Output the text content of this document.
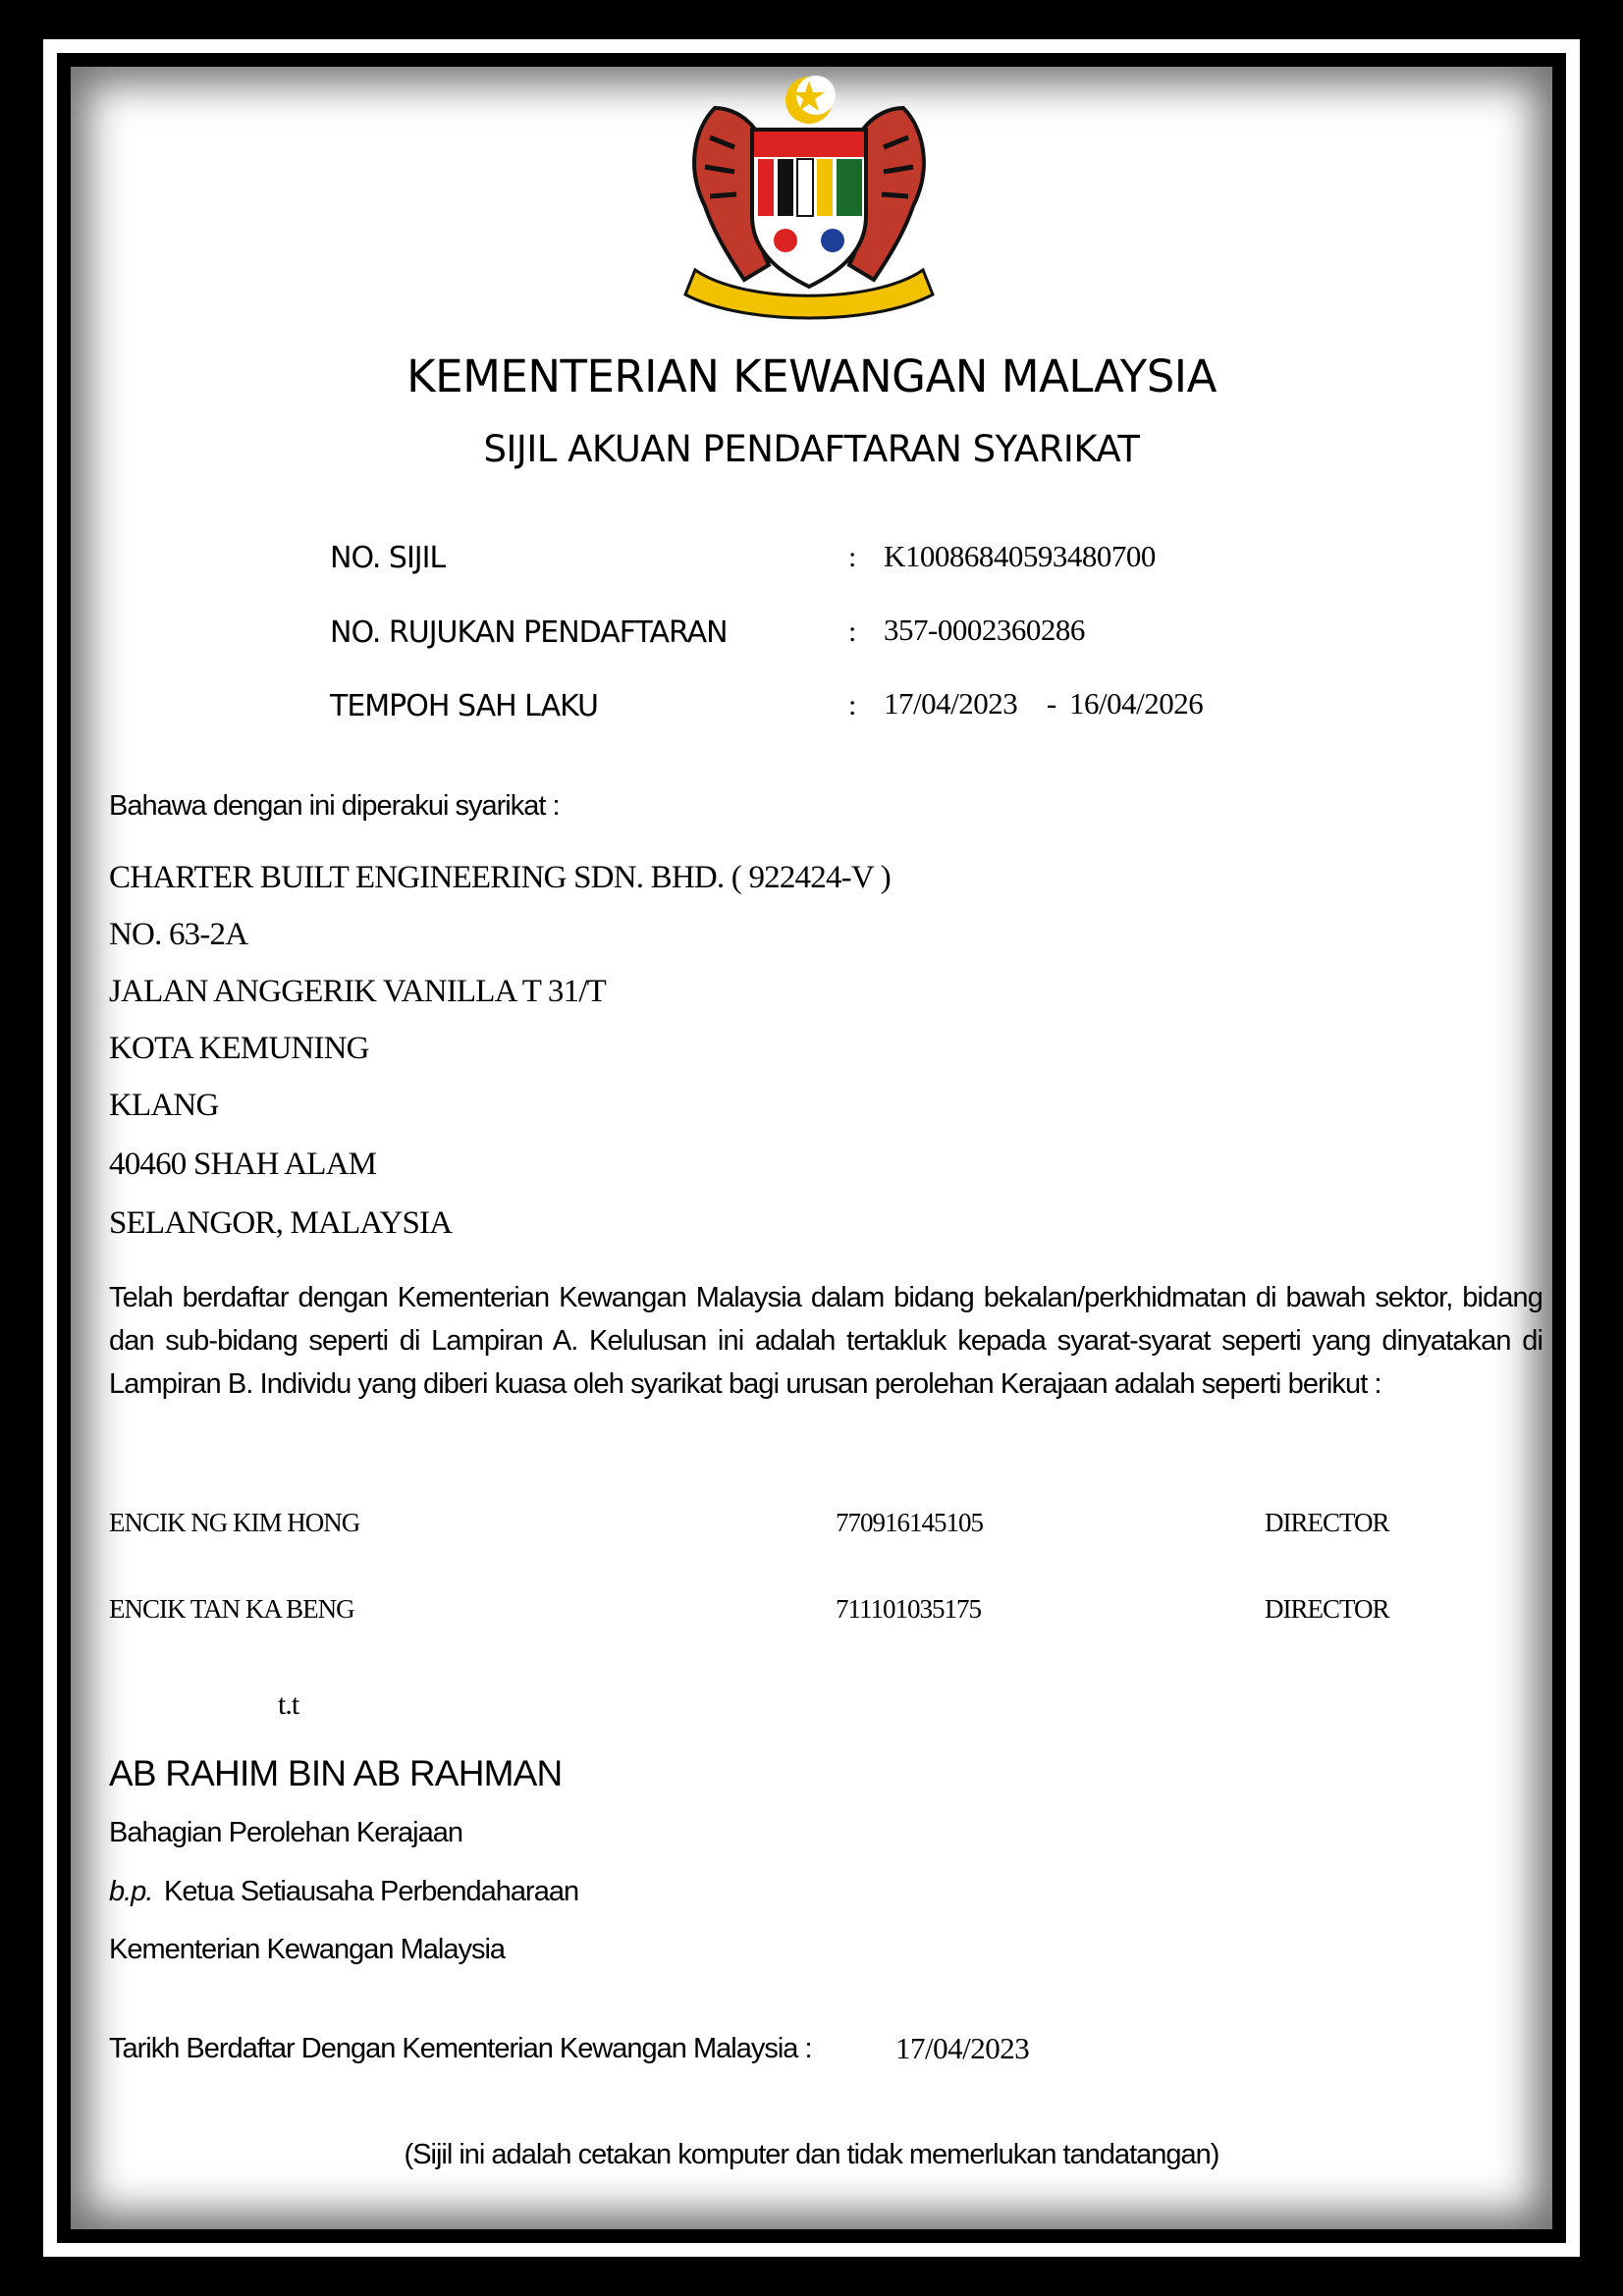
KEMENTERIAN KEWANGAN MALAYSIA
SIJIL AKUAN PENDAFTARAN SYARIKAT
NO. SIJIL	: K10086840593480700
NO. RUJUKAN PENDAFTARAN	: 357-0002360286
TEMPOH SAH LAKU	: 17/04/2023 - 16/04/2026
Bahawa dengan ini diperakui syarikat :
CHARTER BUILT ENGINEERING SDN. BHD. ( 922424-V )
NO. 63-2A
JALAN ANGGERIK VANILLA T 31/T
KOTA KEMUNING
KLANG
40460 SHAH ALAM
SELANGOR, MALAYSIA
Telah berdaftar dengan Kementerian Kewangan Malaysia dalam bidang bekalan/perkhidmatan di bawah sektor, bidang dan sub-bidang seperti di Lampiran A. Kelulusan ini adalah tertakluk kepada syarat-syarat seperti yang dinyatakan di Lampiran B. Individu yang diberi kuasa oleh syarikat bagi urusan perolehan Kerajaan adalah seperti berikut :
ENCIK NG KIM HONG	770916145105	DIRECTOR
ENCIK TAN KA BENG	711101035175	DIRECTOR
t.t
AB RAHIM BIN AB RAHMAN
Bahagian Perolehan Kerajaan
b.p. Ketua Setiausaha Perbendaharaan
Kementerian Kewangan Malaysia
Tarikh Berdaftar Dengan Kementerian Kewangan Malaysia :	17/04/2023
(Sijil ini adalah cetakan komputer dan tidak memerlukan tandatangan)
